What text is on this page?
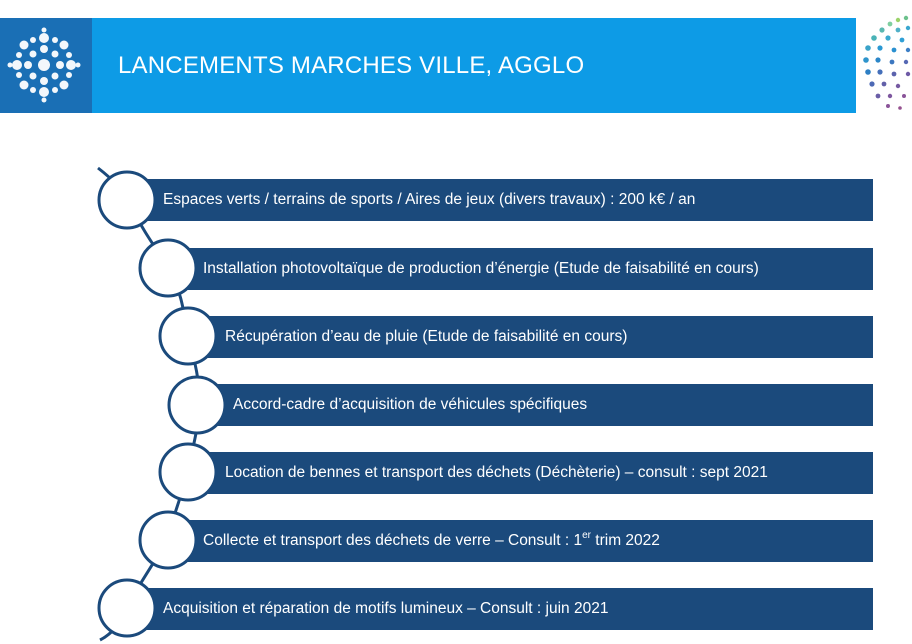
LANCEMENTS MARCHES VILLE, AGGLO
Espaces verts / terrains de sports / Aires de jeux (divers travaux) : 200 k€ / an
Installation photovoltaïque de production d’énergie (Etude de faisabilité en cours)
Récupération d’eau de pluie (Etude de faisabilité en cours)
Accord-cadre d’acquisition de véhicules spécifiques
Location de bennes et transport des déchets (Déchèterie) – consult : sept 2021
Collecte et transport des déchets de verre – Consult : 1er trim 2022
Acquisition et réparation de motifs lumineux – Consult : juin 2021
